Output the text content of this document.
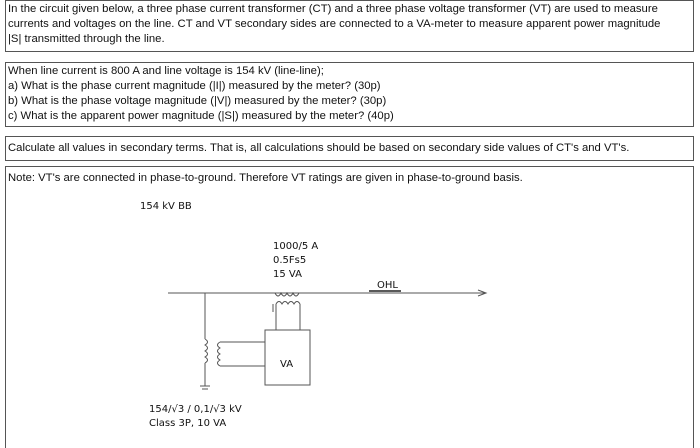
In the circuit given below, a three phase current transformer (CT) and a three phase voltage transformer (VT) are used to measure

currents and voltages on the line. CT and VT secondary sides are connected to a VA-meter to measure apparent power magnitude

|S| transmitted through the line.

When line current is 800 A and line voltage is 154 kV (line-line);

a) What is the phase current magnitude (|I|) measured by the meter? (30p)

b) What is the phase voltage magnitude (|V|) measured by the meter? (30p)

c) What is the apparent power magnitude (|S|) measured by the meter? (40p)

Calculate all values in secondary terms. That is, all calculations should be based on secondary side values of CT's and VT's.

Note: VT's are connected in phase-to-ground. Therefore VT ratings are given in phase-to-ground basis.

154 kV BB
1000/5 A
0.5Fs5
15 VA
OHL
VA
154/√3 / 0,1/√3 kV
Class 3P, 10 VA
